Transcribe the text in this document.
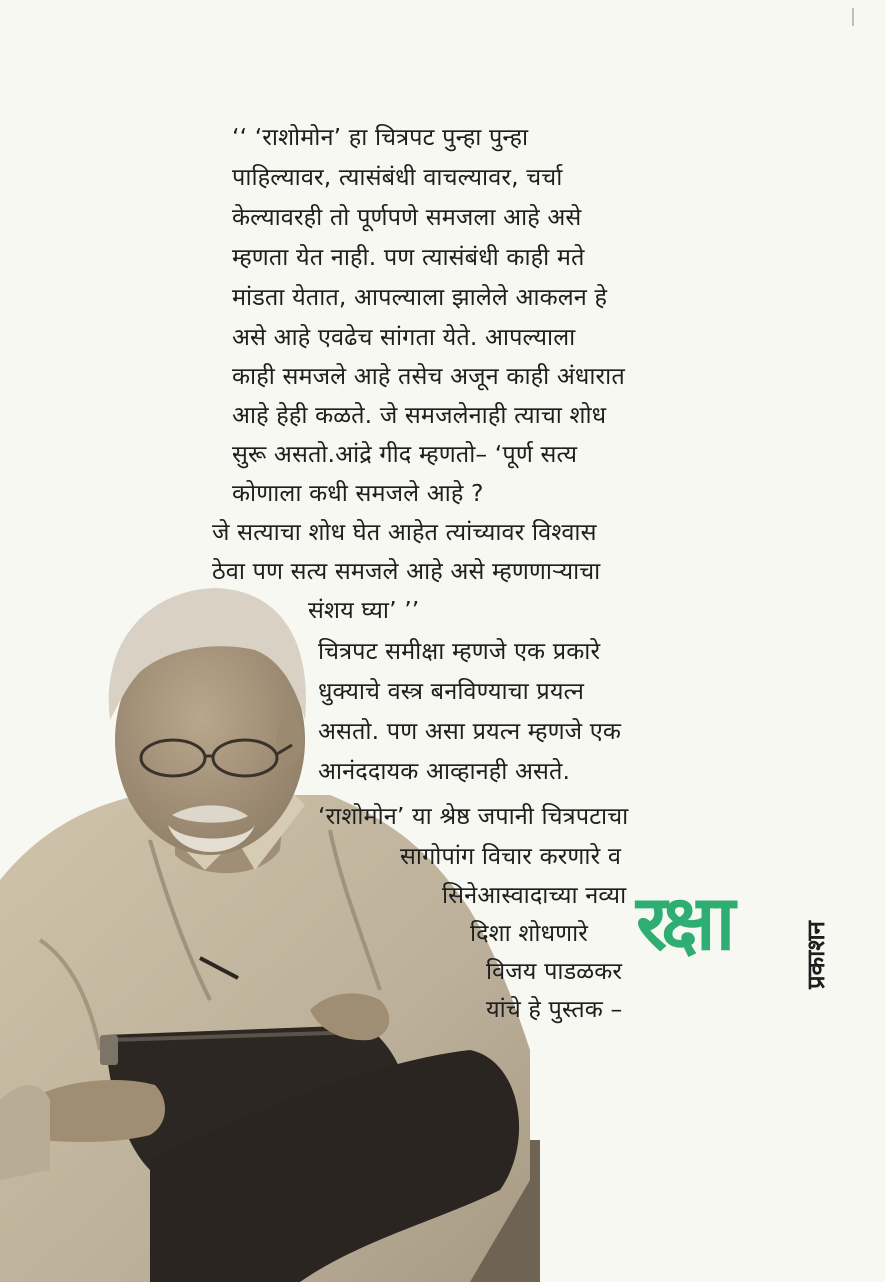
‘‘ ‘राशोमोन’ हा चित्रपट पुन्हा पुन्हा
पाहिल्यावर, त्यासंबंधी वाचल्यावर, चर्चा
केल्यावरही तो पूर्णपणे समजला आहे असे
म्हणता येत नाही. पण त्यासंबंधी काही मते
मांडता येतात, आपल्याला झालेले आकलन हे
असे आहे एवढेच सांगता येते. आपल्याला
काही समजले आहे तसेच अजून काही अंधारात
आहे हेही कळते. जे समजलेनाही त्याचा शोध
सुरू असतो.आंद्रे गीद म्हणतो– ‘पूर्ण सत्य
कोणाला कधी समजले आहे ?
जे सत्याचा शोध घेत आहेत त्यांच्यावर विश्वास
ठेवा पण सत्य समजले आहे असे म्हणणाऱ्याचा
संशय घ्या’ ’’
चित्रपट समीक्षा म्हणजे एक प्रकारे
धुक्याचे वस्त्र बनविण्याचा प्रयत्न
असतो. पण असा प्रयत्न म्हणजे एक
आनंददायक आव्हानही असते.
‘राशोमोन’ या श्रेष्ठ जपानी चित्रपटाचा
सागोपांग विचार करणारे व
सिनेआस्वादाच्या नव्या
दिशा शोधणारे
विजय पाडळकर
यांचे हे पुस्तक –
रक्षा	प्रकाशन
